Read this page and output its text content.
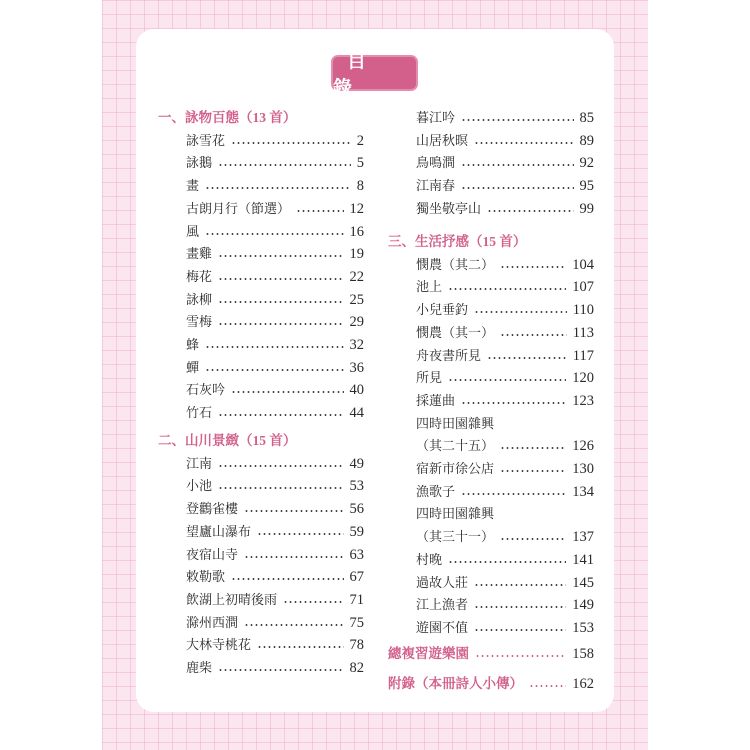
目 錄
一、詠物百態（13 首）
詠雪花	2
詠鵝	5
畫	8
古朗月行（節選）	12
風	16
畫雞	19
梅花	22
詠柳	25
雪梅	29
蜂	32
蟬	36
石灰吟	40
竹石	44
二、山川景緻（15 首）
江南	49
小池	53
登鸛雀樓	56
望廬山瀑布	59
夜宿山寺	63
敕勒歌	67
飲湖上初晴後雨	71
滁州西澗	75
大林寺桃花	78
鹿柴	82
暮江吟	85
山居秋暝	89
鳥鳴澗	92
江南春	95
獨坐敬亭山	99
三、生活抒感（15 首）
憫農（其二）	104
池上	107
小兒垂釣	110
憫農（其一）	113
舟夜書所見	117
所見	120
採蓮曲	123
四時田園雜興
（其二十五）	126
宿新市徐公店	130
漁歌子	134
四時田園雜興
（其三十一）	137
村晚	141
過故人莊	145
江上漁者	149
遊園不值	153
總複習遊樂園	158
附錄（本冊詩人小傳）	162
